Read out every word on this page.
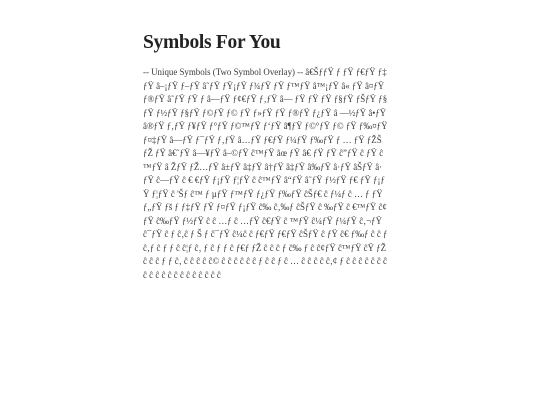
Symbols For You

-- Unique Symbols (Two Symbol Overlay) -- â€ŠƒƒŸ ƒ ƒŸ ƒ€ƒŸ ƒ‡ƒŸ â–¡ƒŸ ƒ–ƒŸ â˜ƒŸ ƒŸ¡ƒŸ ƒ¾ƒŸ ƒŸ ƒ™ƒŸ â™¡ƒŸ â« ƒŸ â¤ƒŸ ƒ®ƒŸ â˜ƒŸ ƒŸ ƒ â—ƒŸ ƒ¢€ƒŸ ƒ‚ƒŸ â— ƒŸ ƒŸ ƒŸ ƒ§ƒŸ ƒŠƒŸ ƒ§ ƒŸ ƒ½ƒŸ ƒ§ƒŸ ƒ©ƒŸ ƒ© ƒŸ ƒ»ƒŸ ƒŸ ƒ®ƒŸ ƒ¿ƒŸ â —½ƒŸ â•ƒŸ â®ƒŸ ƒ‚ƒŸ ƒ¥ƒŸ ƒ°ƒŸ ƒ©™ƒŸ ƒ‘ƒŸ â¶ƒŸ ƒ©°ƒŸ ƒ© ƒŸ ƒ‰¤ƒŸ ƒ¤‡ƒŸ â—ƒŸ ƒ¯ƒŸ ƒ‚ƒŸ â…ƒŸ ƒ€ƒŸ ƒ¼ƒŸ ƒ‰ƒŸ ƒ … ƒŸ ƒŽŠ ƒŽ ƒŸ â€˜ƒŸ â—¥ƒŸ â–©ƒŸ ĉ™ƒŸ ãœ ƒŸ â€ ƒŸ ƒŸ ĉ”ƒŸ ĉ ƒŸ ĉ™ƒŸ â ŽƒŸ ƒŽ…ƒŸ â±ƒŸ â‡ƒŸ â†ƒŸ â‡ƒŸ â‰ƒŸ â·ƒŸ âŠƒŸ â· ƒŸ ĉ—ƒŸ ĉ € €ƒŸ ƒ¡ƒŸ ƒ¦ƒŸ ĉ ĉ™ƒŸ â“ƒŸ â˜ƒŸ ƒ½ƒŸ ƒ€ ƒŸ ƒ¡ƒŸ ƒ¦ƒŸ ĉ 'Šƒ ĉ™ ƒ µƒŸ ƒ™ƒŸ ƒ¿ƒŸ ƒ‰ƒŸ ĉŠƒ€ ĉ ƒ¼ƒ ĉ … ƒ ƒŸ ƒ„ƒŸ ƒš ƒ ƒ‡ƒŸ ƒŸ ƒ¤ƒŸ ƒ¡ƒŸ ĉ‰ ĉ‚‰ƒ ĉŠƒŸ ĉ ‰ƒŸ ĉ €™ƒŸ ĉ¢ƒŸ ĉ‰ƒŸ ƒ½ƒŸ ĉ ĉ …ƒ ĉ …ƒŸ ĉ€ƒŸ ĉ ™ƒŸ ĉ¼ƒŸ ƒ¼ƒŸ ĉ‚¬ƒŸ ĉ¯ƒŸ ĉ ƒ ĉ‚ĉ ƒ Š ƒ ĉ¯ƒŸ ĉ¼ĉ ĉ ƒ€ƒŸ ƒ€ƒŸ ĉŠƒŸ ĉ ƒŸ ĉ€ ƒ‰ƒ ĉ ĉ ƒ ĉ‚ƒ ĉ ƒ ƒ ĉ ĉ¦ƒ ĉ‚ ƒ ĉ ƒ ƒ ĉ ƒ€ƒ ƒŽ ĉ ĉ ĉ ƒ ĉ‰ ƒ ĉ ĉ¢ƒŸ ĉ™ƒŸ ĉŸ ƒŽ ĉ ĉ ĉ ƒ ƒ ĉ‚ ĉ ĉ ĉ ĉ ĉ© ĉ ĉ ĉ ĉ ĉ ĉ ƒ ĉ ĉ ƒ ĉ … ĉ ĉ ĉ ĉ ĉ‚¢ ƒ ĉ ĉ ĉ ĉ ĉ ĉ ĉ ĉ ĉ ĉ ĉ ĉ ĉ ĉ ĉ ĉ ĉ ĉ ĉ ĉ
